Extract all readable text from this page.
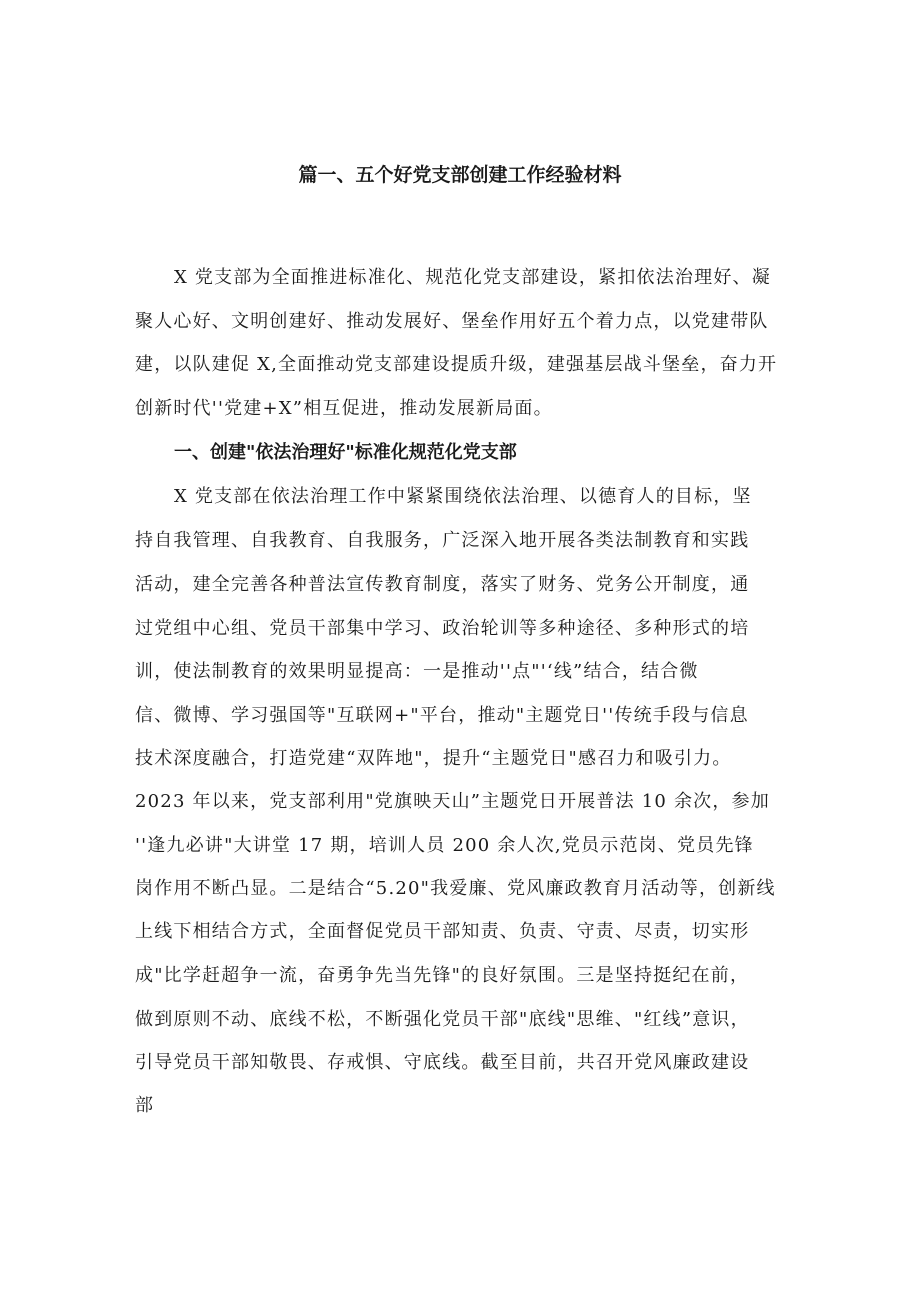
篇一、五个好党支部创建工作经验材料
X 党支部为全面推进标准化、规范化党支部建设，紧扣依法治理好、凝
聚人心好、文明创建好、推动发展好、堡垒作用好五个着力点，以党建带队
建，以队建促 X,全面推动党支部建设提质升级，建强基层战斗堡垒，奋力开
创新时代''党建+X”相互促进，推动发展新局面。
一、创建"依法治理好"标准化规范化党支部
X 党支部在依法治理工作中紧紧围绕依法治理、以德育人的目标，坚
持自我管理、自我教育、自我服务，广泛深入地开展各类法制教育和实践
活动，建全完善各种普法宣传教育制度，落实了财务、党务公开制度，通
过党组中心组、党员干部集中学习、政治轮训等多种途径、多种形式的培
训，使法制教育的效果明显提高：一是推动''点"'‘线”结合，结合微
信、微博、学习强国等"互联网+"平台，推动"主题党日''传统手段与信息
技术深度融合，打造党建“双阵地"，提升“主题党日"感召力和吸引力。
2023 年以来，党支部利用"党旗映天山”主题党日开展普法 10 余次，参加
''逢九必讲"大讲堂 17 期，培训人员 200 余人次,党员示范岗、党员先锋
岗作用不断凸显。二是结合“5.20"我爱廉、党风廉政教育月活动等，创新线
上线下相结合方式，全面督促党员干部知责、负责、守责、尽责，切实形
成"比学赶超争一流，奋勇争先当先锋"的良好氛围。三是坚持挺纪在前，
做到原则不动、底线不松，不断强化党员干部"底线"思维、"红线”意识，
引导党员干部知敬畏、存戒惧、守底线。截至目前，共召开党风廉政建设
部
